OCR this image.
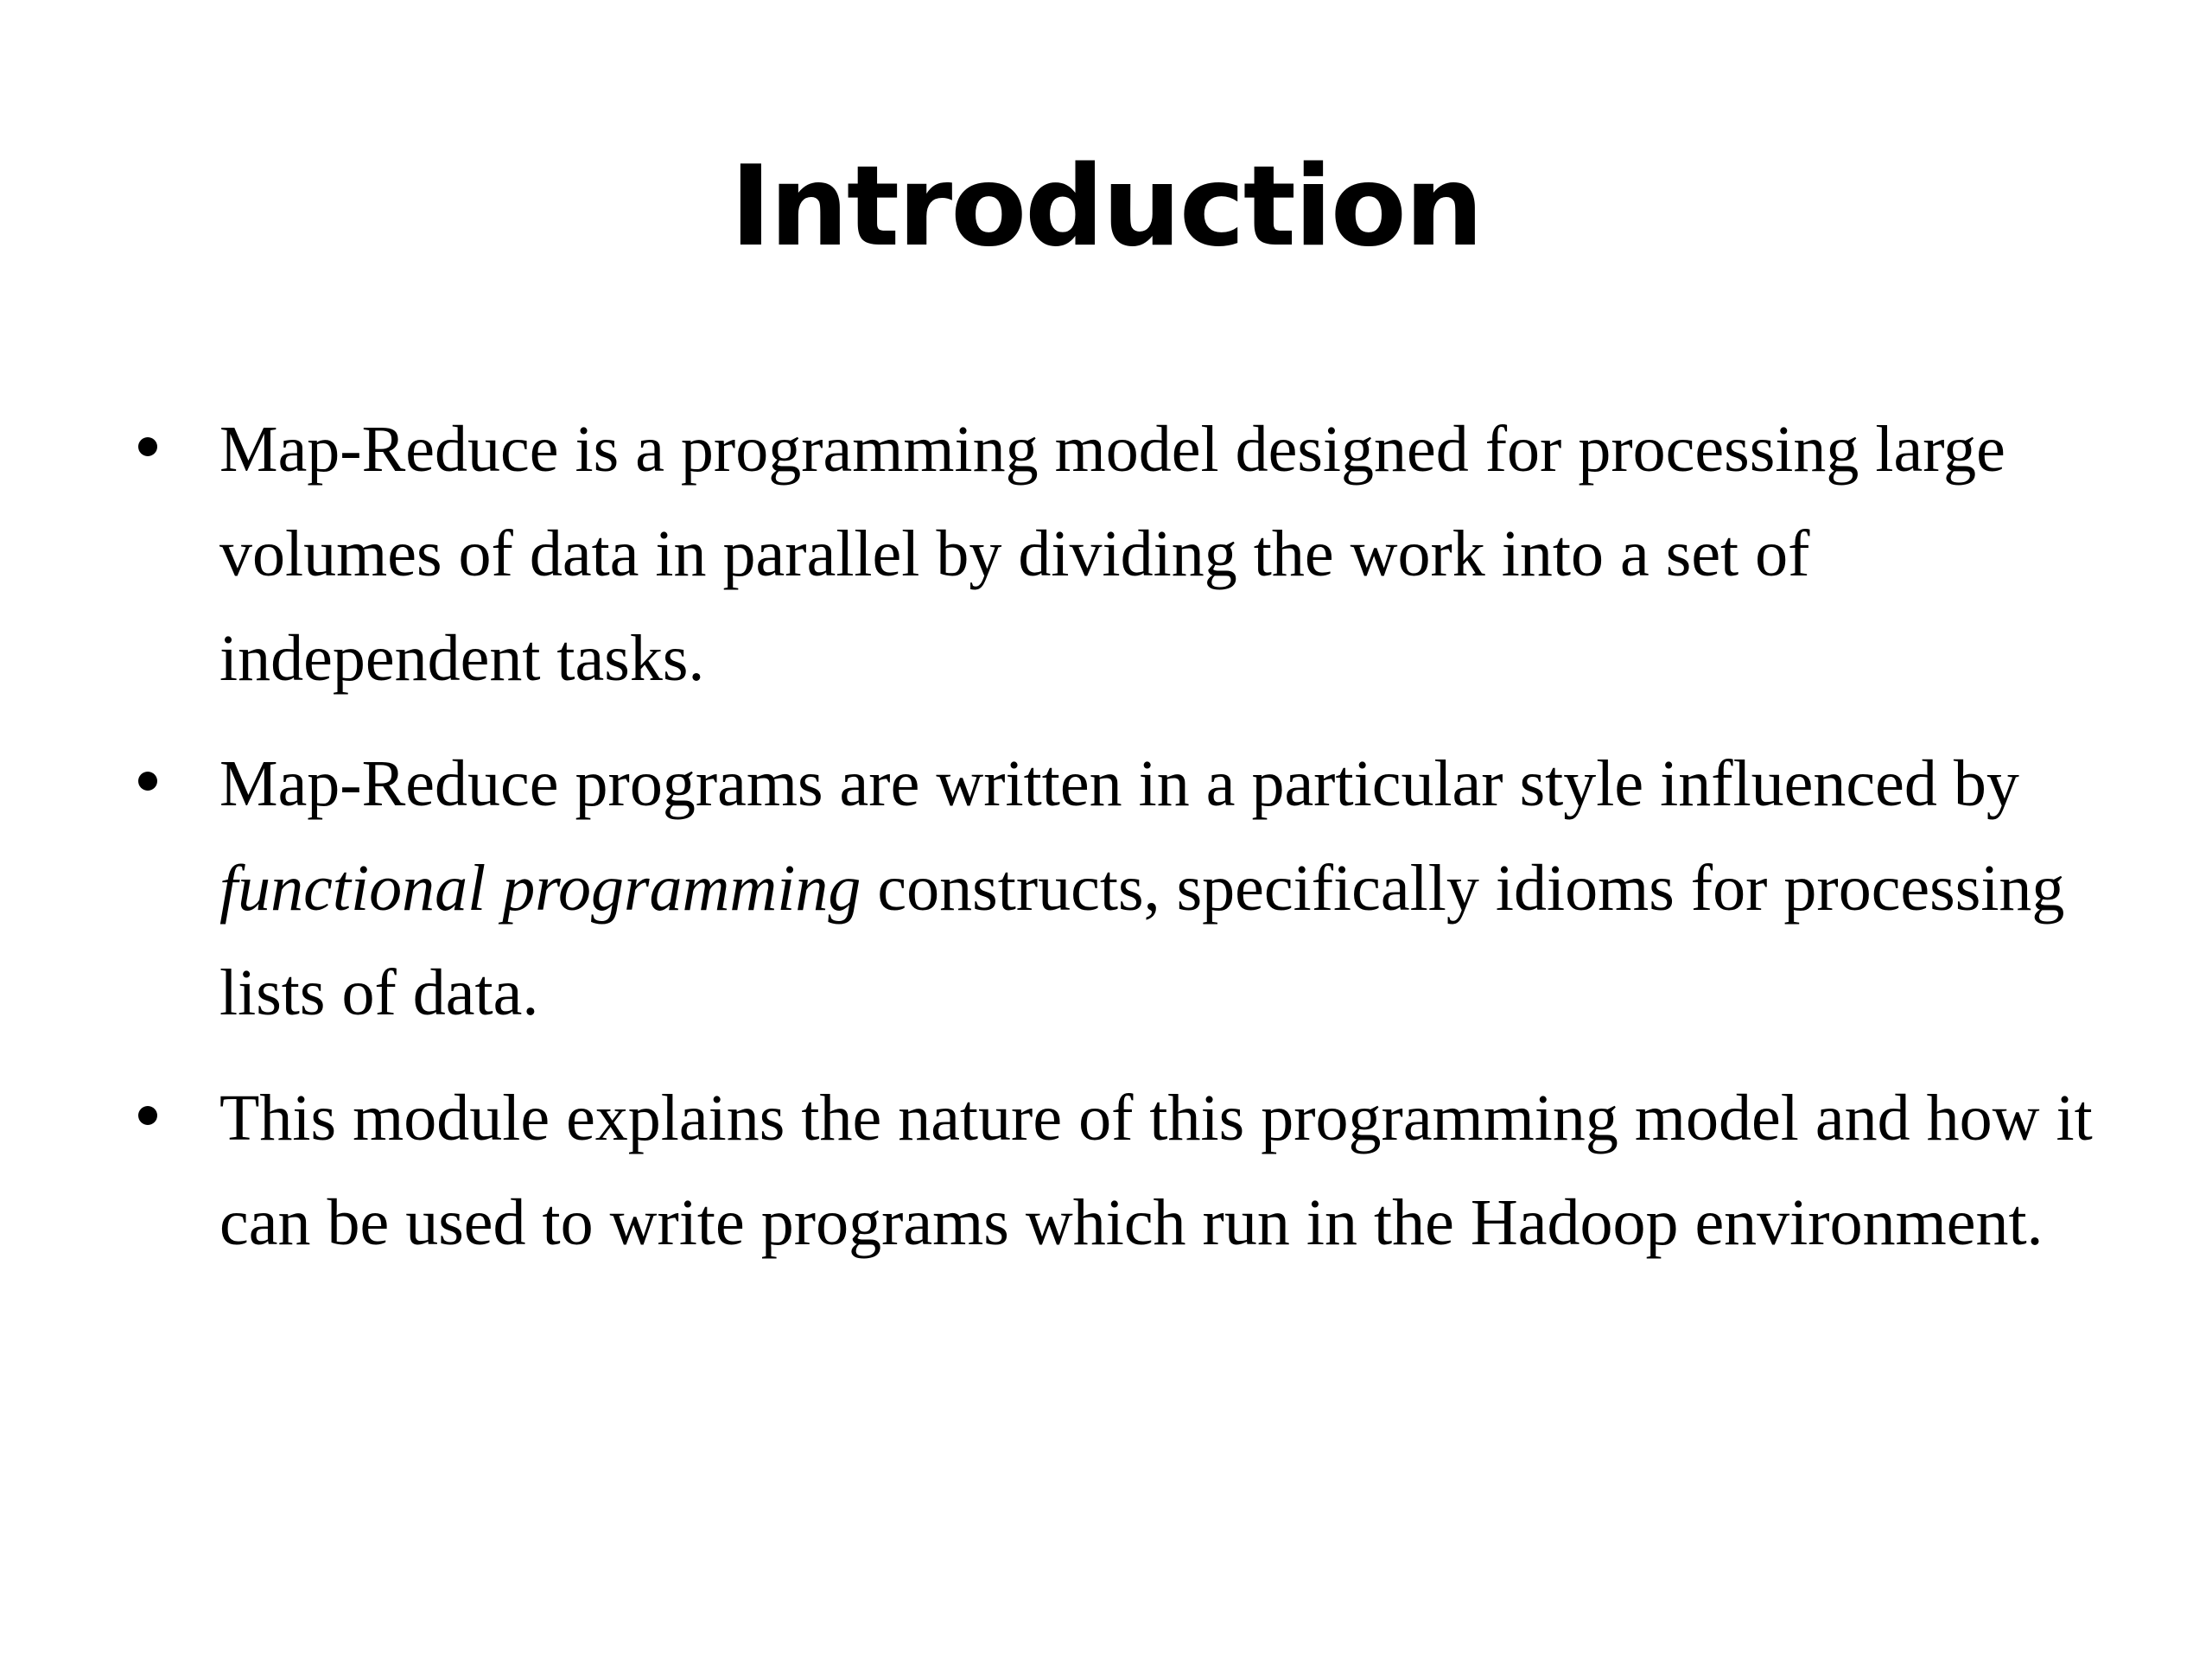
Introduction
Map-Reduce is a programming model designed for processing large volumes of data in parallel by dividing the work into a set of independent tasks.
Map-Reduce programs are written in a particular style influenced by functional programming constructs, specifically idioms for processing lists of data.
This module explains the nature of this programming model and how it can be used to write programs which run in the Hadoop environment.
